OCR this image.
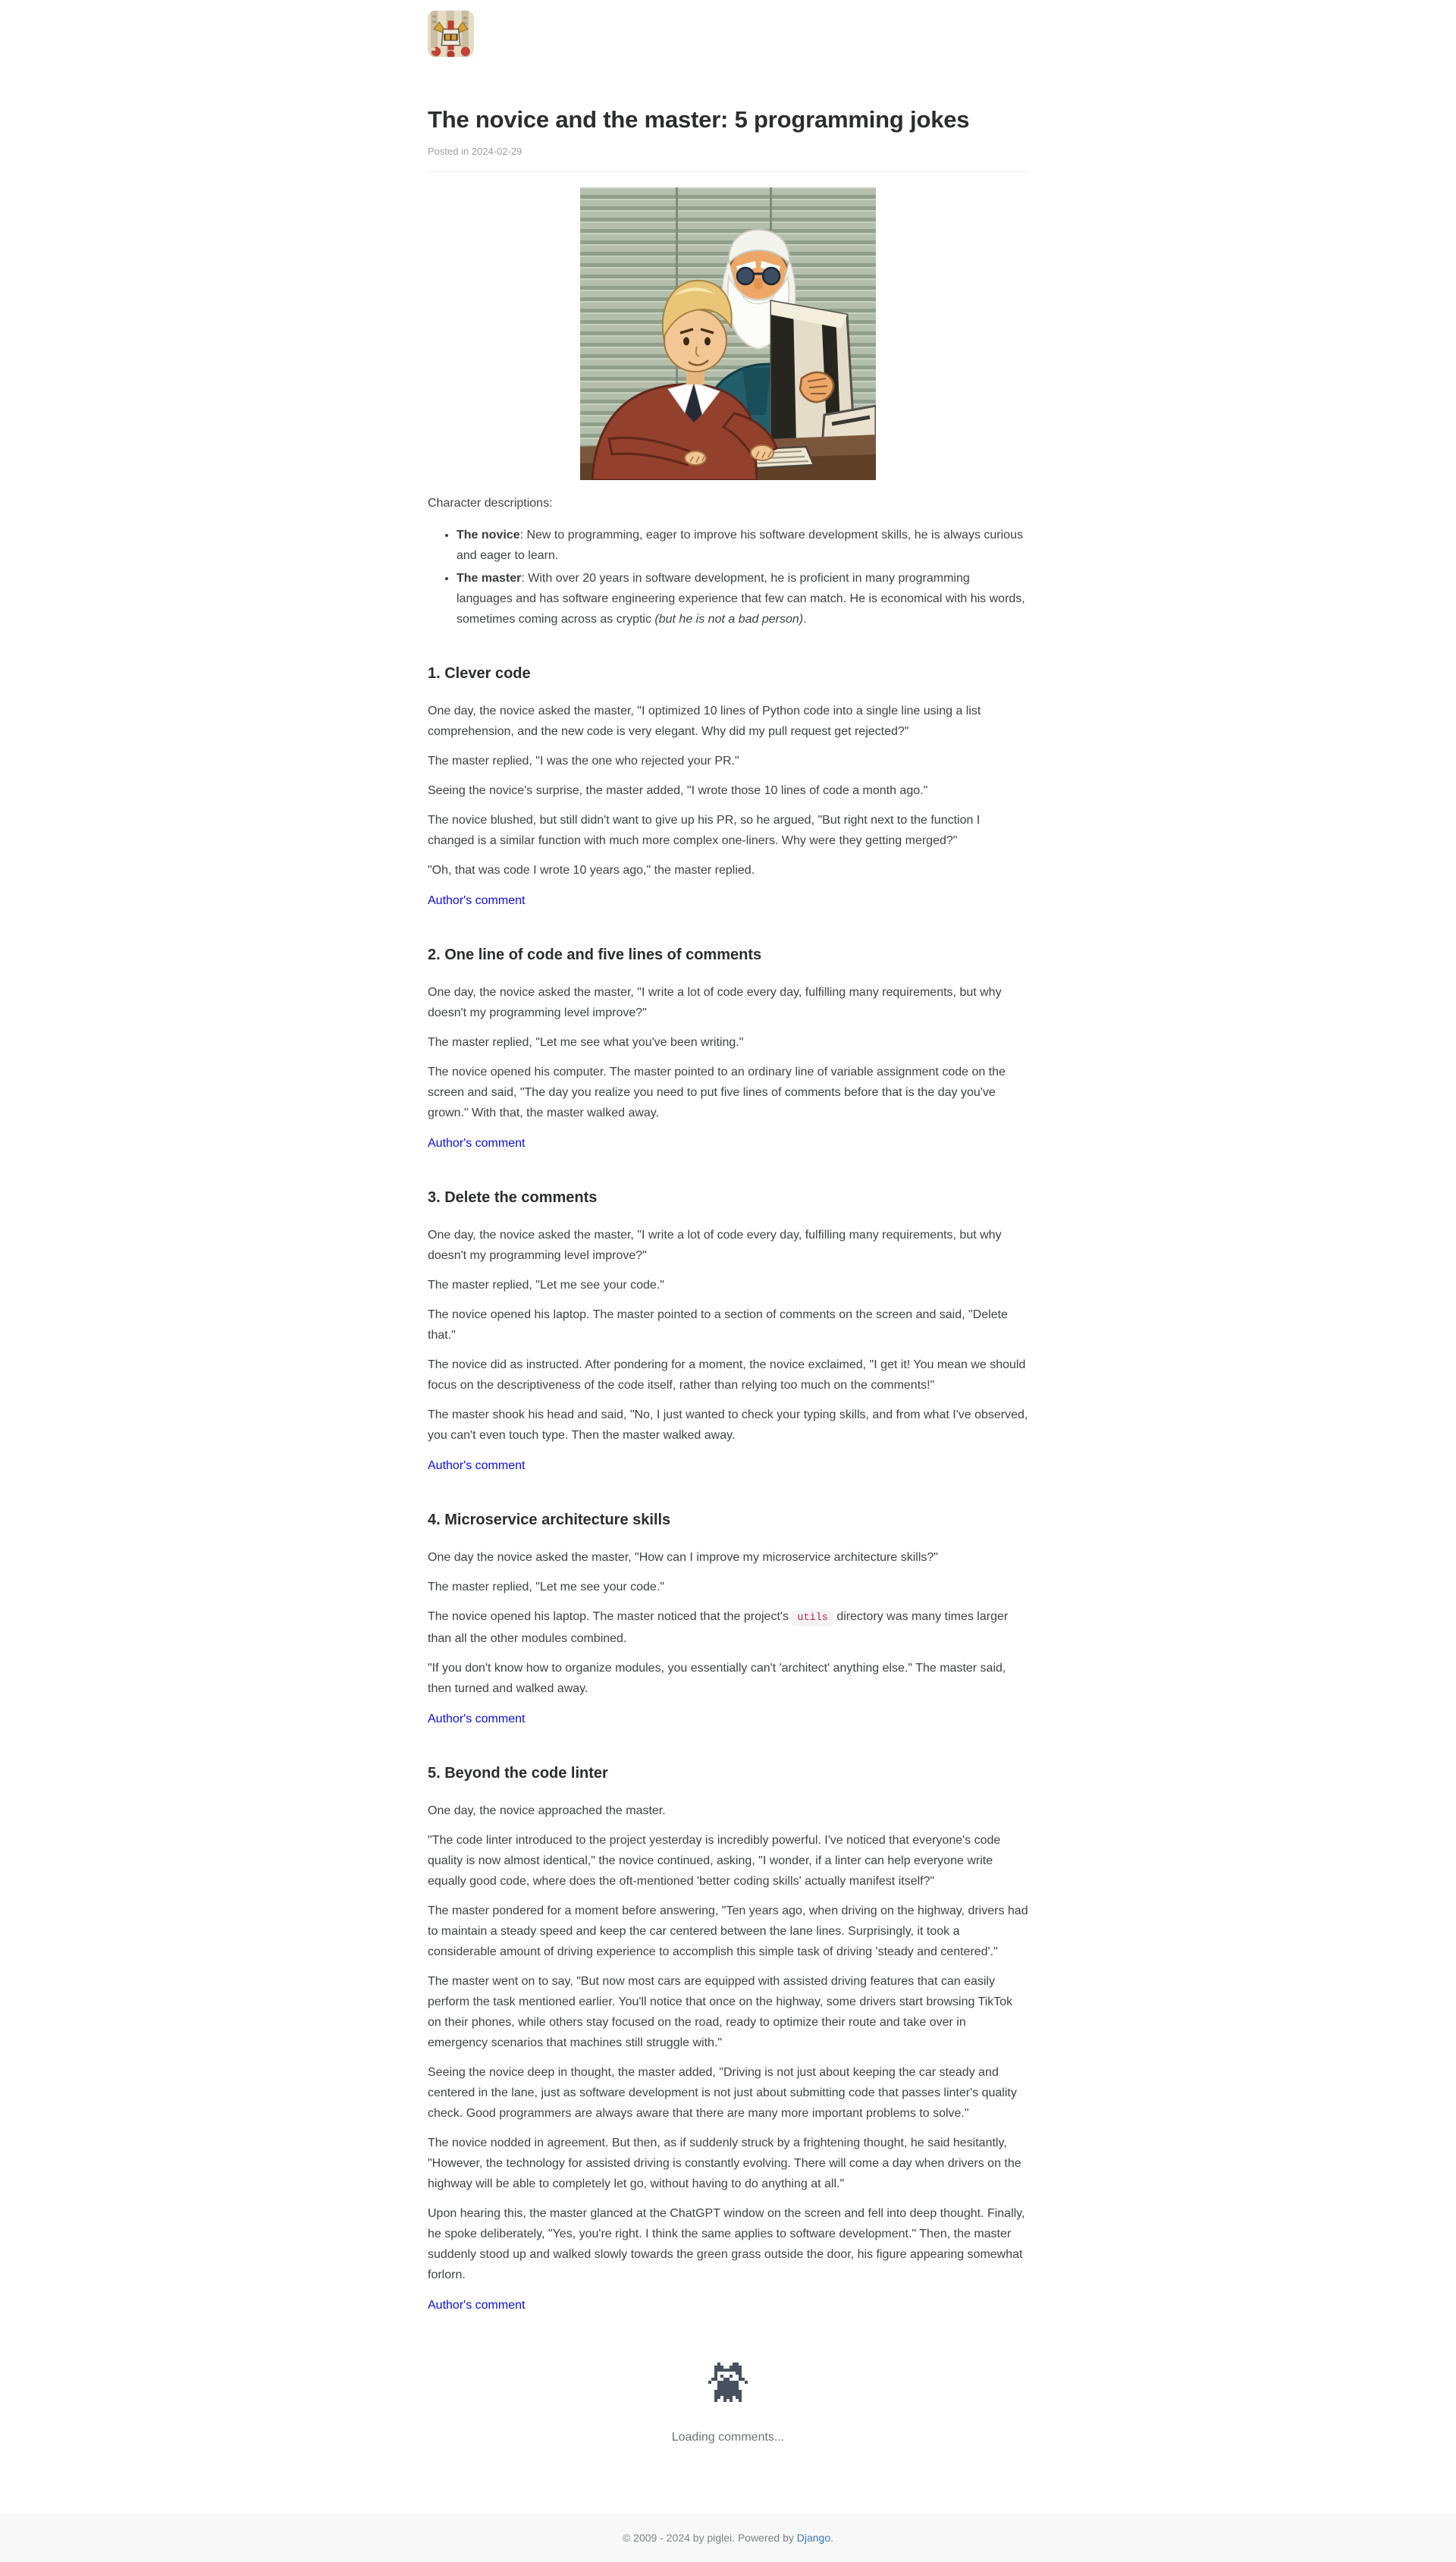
The novice and the master: 5 programming jokes

Posted in 2024-02-29

Character descriptions:

• The novice: New to programming, eager to improve his software development skills, he is always curious and eager to learn.
• The master: With over 20 years in software development, he is proficient in many programming languages and has software engineering experience that few can match. He is economical with his words, sometimes coming across as cryptic (but he is not a bad person).
1. Clever code

One day, the novice asked the master, "I optimized 10 lines of Python code into a single line using a list comprehension, and the new code is very elegant. Why did my pull request get rejected?"

The master replied, "I was the one who rejected your PR."

Seeing the novice's surprise, the master added, "I wrote those 10 lines of code a month ago."

The novice blushed, but still didn't want to give up his PR, so he argued, "But right next to the function I changed is a similar function with much more complex one-liners. Why were they getting merged?"

"Oh, that was code I wrote 10 years ago," the master replied.

Author's comment

2. One line of code and five lines of comments

One day, the novice asked the master, "I write a lot of code every day, fulfilling many requirements, but why doesn't my programming level improve?"

The master replied, "Let me see what you've been writing."

The novice opened his computer. The master pointed to an ordinary line of variable assignment code on the screen and said, "The day you realize you need to put five lines of comments before that is the day you've grown." With that, the master walked away.

Author's comment

3. Delete the comments

One day, the novice asked the master, "I write a lot of code every day, fulfilling many requirements, but why doesn't my programming level improve?"

The master replied, "Let me see your code."

The novice opened his laptop. The master pointed to a section of comments on the screen and said, "Delete that."

The novice did as instructed. After pondering for a moment, the novice exclaimed, "I get it! You mean we should focus on the descriptiveness of the code itself, rather than relying too much on the comments!"

The master shook his head and said, "No, I just wanted to check your typing skills, and from what I've observed, you can't even touch type. Then the master walked away.

Author's comment

4. Microservice architecture skills

One day the novice asked the master, "How can I improve my microservice architecture skills?"

The master replied, "Let me see your code."

The novice opened his laptop. The master noticed that the project's utils directory was many times larger than all the other modules combined.

"If you don't know how to organize modules, you essentially can't 'architect' anything else." The master said, then turned and walked away.

Author's comment

5. Beyond the code linter

One day, the novice approached the master.

"The code linter introduced to the project yesterday is incredibly powerful. I've noticed that everyone's code quality is now almost identical," the novice continued, asking, "I wonder, if a linter can help everyone write equally good code, where does the oft-mentioned 'better coding skills' actually manifest itself?"

The master pondered for a moment before answering, "Ten years ago, when driving on the highway, drivers had to maintain a steady speed and keep the car centered between the lane lines. Surprisingly, it took a considerable amount of driving experience to accomplish this simple task of driving 'steady and centered'."

The master went on to say, "But now most cars are equipped with assisted driving features that can easily perform the task mentioned earlier. You'll notice that once on the highway, some drivers start browsing TikTok on their phones, while others stay focused on the road, ready to optimize their route and take over in emergency scenarios that machines still struggle with."

Seeing the novice deep in thought, the master added, "Driving is not just about keeping the car steady and centered in the lane, just as software development is not just about submitting code that passes linter's quality check. Good programmers are always aware that there are many more important problems to solve."

The novice nodded in agreement. But then, as if suddenly struck by a frightening thought, he said hesitantly, "However, the technology for assisted driving is constantly evolving. There will come a day when drivers on the highway will be able to completely let go, without having to do anything at all."

Upon hearing this, the master glanced at the ChatGPT window on the screen and fell into deep thought. Finally, he spoke deliberately, "Yes, you're right. I think the same applies to software development." Then, the master suddenly stood up and walked slowly towards the green grass outside the door, his figure appearing somewhat forlorn.

Author's comment

Loading comments...

© 2009 - 2024 by piglei. Powered by Django.
